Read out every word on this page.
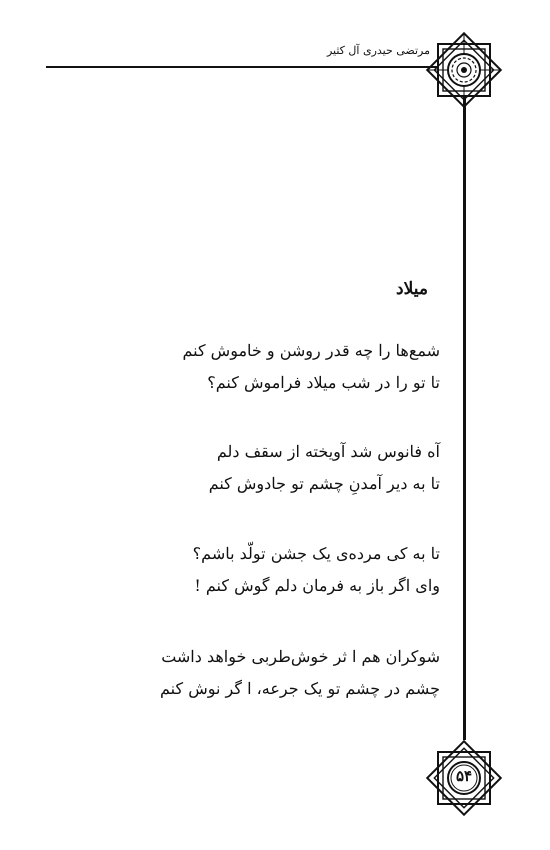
مرتضی حیدری آل کثیر
میلاد
شمع‌ها را چه قدر روشن و خاموش کنم
تا تو را در شب میلاد فراموش کنم؟
آه فانوس شد آویخته از سقف دلم
تا به دیر آمدنِ چشم تو جادوش کنم
تا به کی مرده‌ی یک جشن تولّد باشم؟
وای اگر باز به فرمان دلم گوش کنم !
شوکران هم ا ثر خوش‌طربی خواهد داشت
چشم در چشم تو یک جرعه، ا گر نوش کنم
۵۴
